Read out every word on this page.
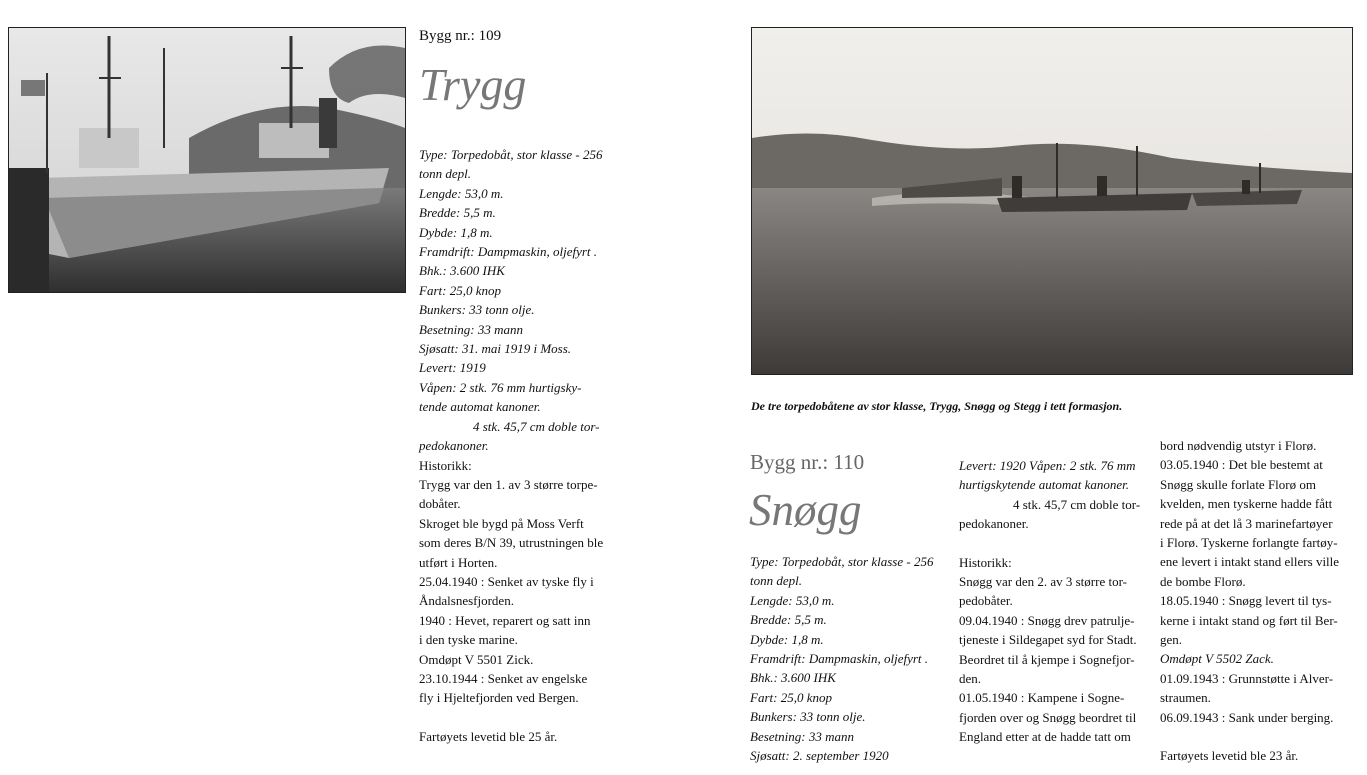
Bygg nr.: 109
Trygg

Type: Torpedobåt, stor klasse - 256

tonn depl.

Lengde: 53,0 m.

Bredde: 5,5 m.

Dybde: 1,8 m.

Framdrift: Dampmaskin, oljefyrt .

Bhk.: 3.600 IHK

Fart: 25,0 knop

Bunkers: 33 tonn olje.

Besetning: 33 mann

Sjøsatt: 31. mai 1919 i Moss.

Levert: 1919

Våpen: 2 stk. 76 mm hurtigsky-

tende automat kanoner.

4 stk. 45,7 cm doble tor-

pedokanoner.

Historikk:

Trygg var den 1. av 3 større torpe-

dobåter.

Skroget ble bygd på Moss Verft

som deres B/N 39, utrustningen ble

utført i Horten.

25.04.1940 : Senket av tyske fly i

Åndalsnesfjorden.

1940 : Hevet, reparert og satt inn

i den tyske marine.

Omdøpt V 5501 Zick.

23.10.1944 : Senket av engelske

fly i Hjeltefjorden ved Bergen.

Fartøyets levetid ble 25 år.

De tre torpedobåtene av stor klasse, Trygg, Snøgg og Stegg i tett formasjon.
Bygg nr.: 110
Snøgg

Type: Torpedobåt, stor klasse - 256

tonn depl.

Lengde: 53,0 m.

Bredde: 5,5 m.

Dybde: 1,8 m.

Framdrift: Dampmaskin, oljefyrt .

Bhk.: 3.600 IHK

Fart: 25,0 knop

Bunkers: 33 tonn olje.

Besetning: 33 mann

Sjøsatt: 2. september 1920

Levert: 1920 Våpen: 2 stk. 76 mm

hurtigskytende automat kanoner.

4 stk. 45,7 cm doble tor-

pedokanoner.

Historikk:

Snøgg var den 2. av 3 større tor-

pedobåter.

09.04.1940 : Snøgg drev patrulje-

tjeneste i Sildegapet syd for Stadt.

Beordret til å kjempe i Sognefjor-

den.

01.05.1940 : Kampene i Sogne-

fjorden over og Snøgg beordret til

England etter at de hadde tatt om

bord nødvendig utstyr i Florø.

03.05.1940 : Det ble bestemt at

Snøgg skulle forlate Florø om

kvelden, men tyskerne hadde fått

rede på at det lå 3 marinefartøyer

i Florø. Tyskerne forlangte fartøy-

ene levert i intakt stand ellers ville

de bombe Florø.

18.05.1940 : Snøgg levert til tys-

kerne i intakt stand og ført til Ber-

gen.

Omdøpt V 5502 Zack.

01.09.1943 : Grunnstøtte i Alver-

straumen.

06.09.1943 : Sank under berging.

Fartøyets levetid ble 23 år.
